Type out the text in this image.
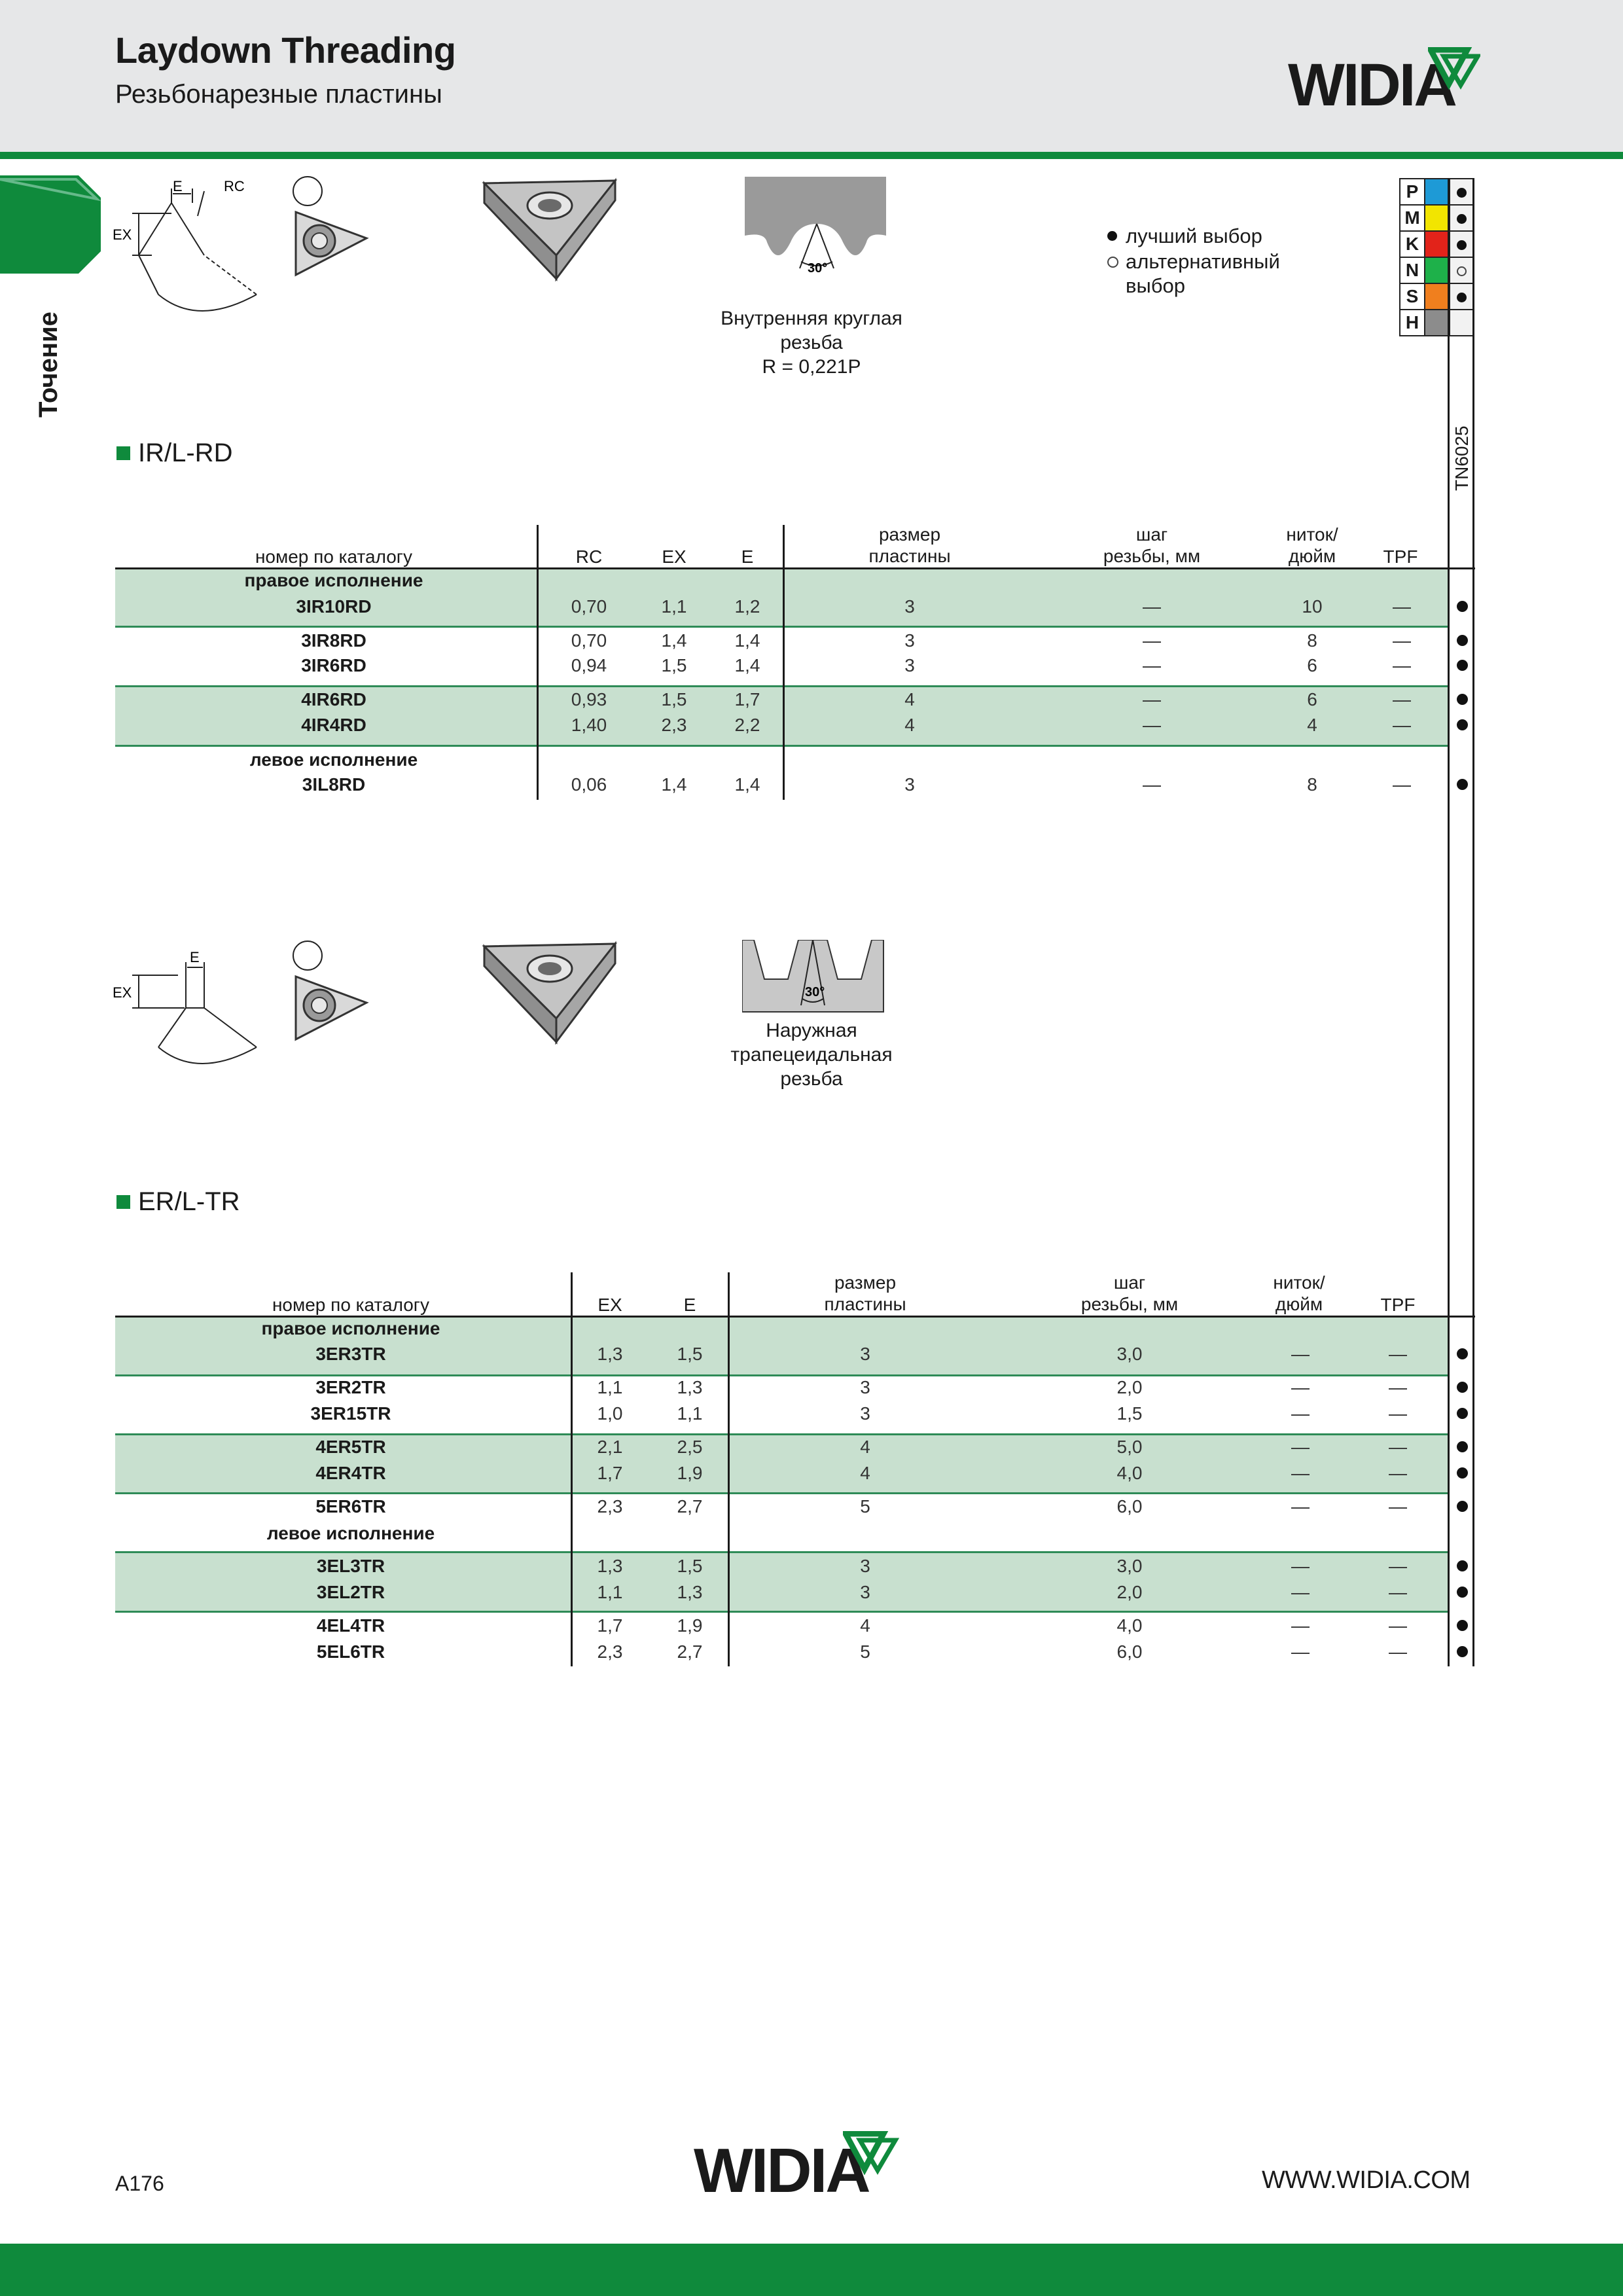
Laydown Threading
Резьбонарезные пластины	WIDIA
Точение
E	RC
EX
30°
Внутренняя круглая
резьба
R = 0,221P
лучший выбор
альтернативный выбор
P		
M		
K		
N		
S		
H		
TN6025
IR/L-RD
номер по каталогу	RC	EX	E
размер
пластины
шаг
резьбы, мм
ниток/
дюйм	TPF
правое исполнение
левое исполнение
3IR10RD	0,70	1,1	1,2	3	—	10	—
3IR8RD	0,70	1,4	1,4	3	—	8	—
3IR6RD	0,94	1,5	1,4	3	—	6	—
4IR6RD	0,93	1,5	1,7	4	—	6	—
4IR4RD	1,40	2,3	2,2	4	—	4	—
3IL8RD	0,06	1,4	1,4	3	—	8	—
E
EX	30°
Наружная
трапецеидальная
резьба
ER/L-TR
номер по каталогу	EX	E
размер
пластины
шаг
резьбы, мм
ниток/
дюйм	TPF
правое исполнение
левое исполнение
3ER3TR	1,3	1,5	3	3,0	—	—
3ER2TR	1,1	1,3	3	2,0	—	—
3ER15TR	1,0	1,1	3	1,5	—	—
4ER5TR	2,1	2,5	4	5,0	—	—
4ER4TR	1,7	1,9	4	4,0	—	—
5ER6TR	2,3	2,7	5	6,0	—	—
3EL3TR	1,3	1,5	3	3,0	—	—
3EL2TR	1,1	1,3	3	2,0	—	—
4EL4TR	1,7	1,9	4	4,0	—	—
5EL6TR	2,3	2,7	5	6,0	—	—
A176	WIDIA	WWW.WIDIA.COM
